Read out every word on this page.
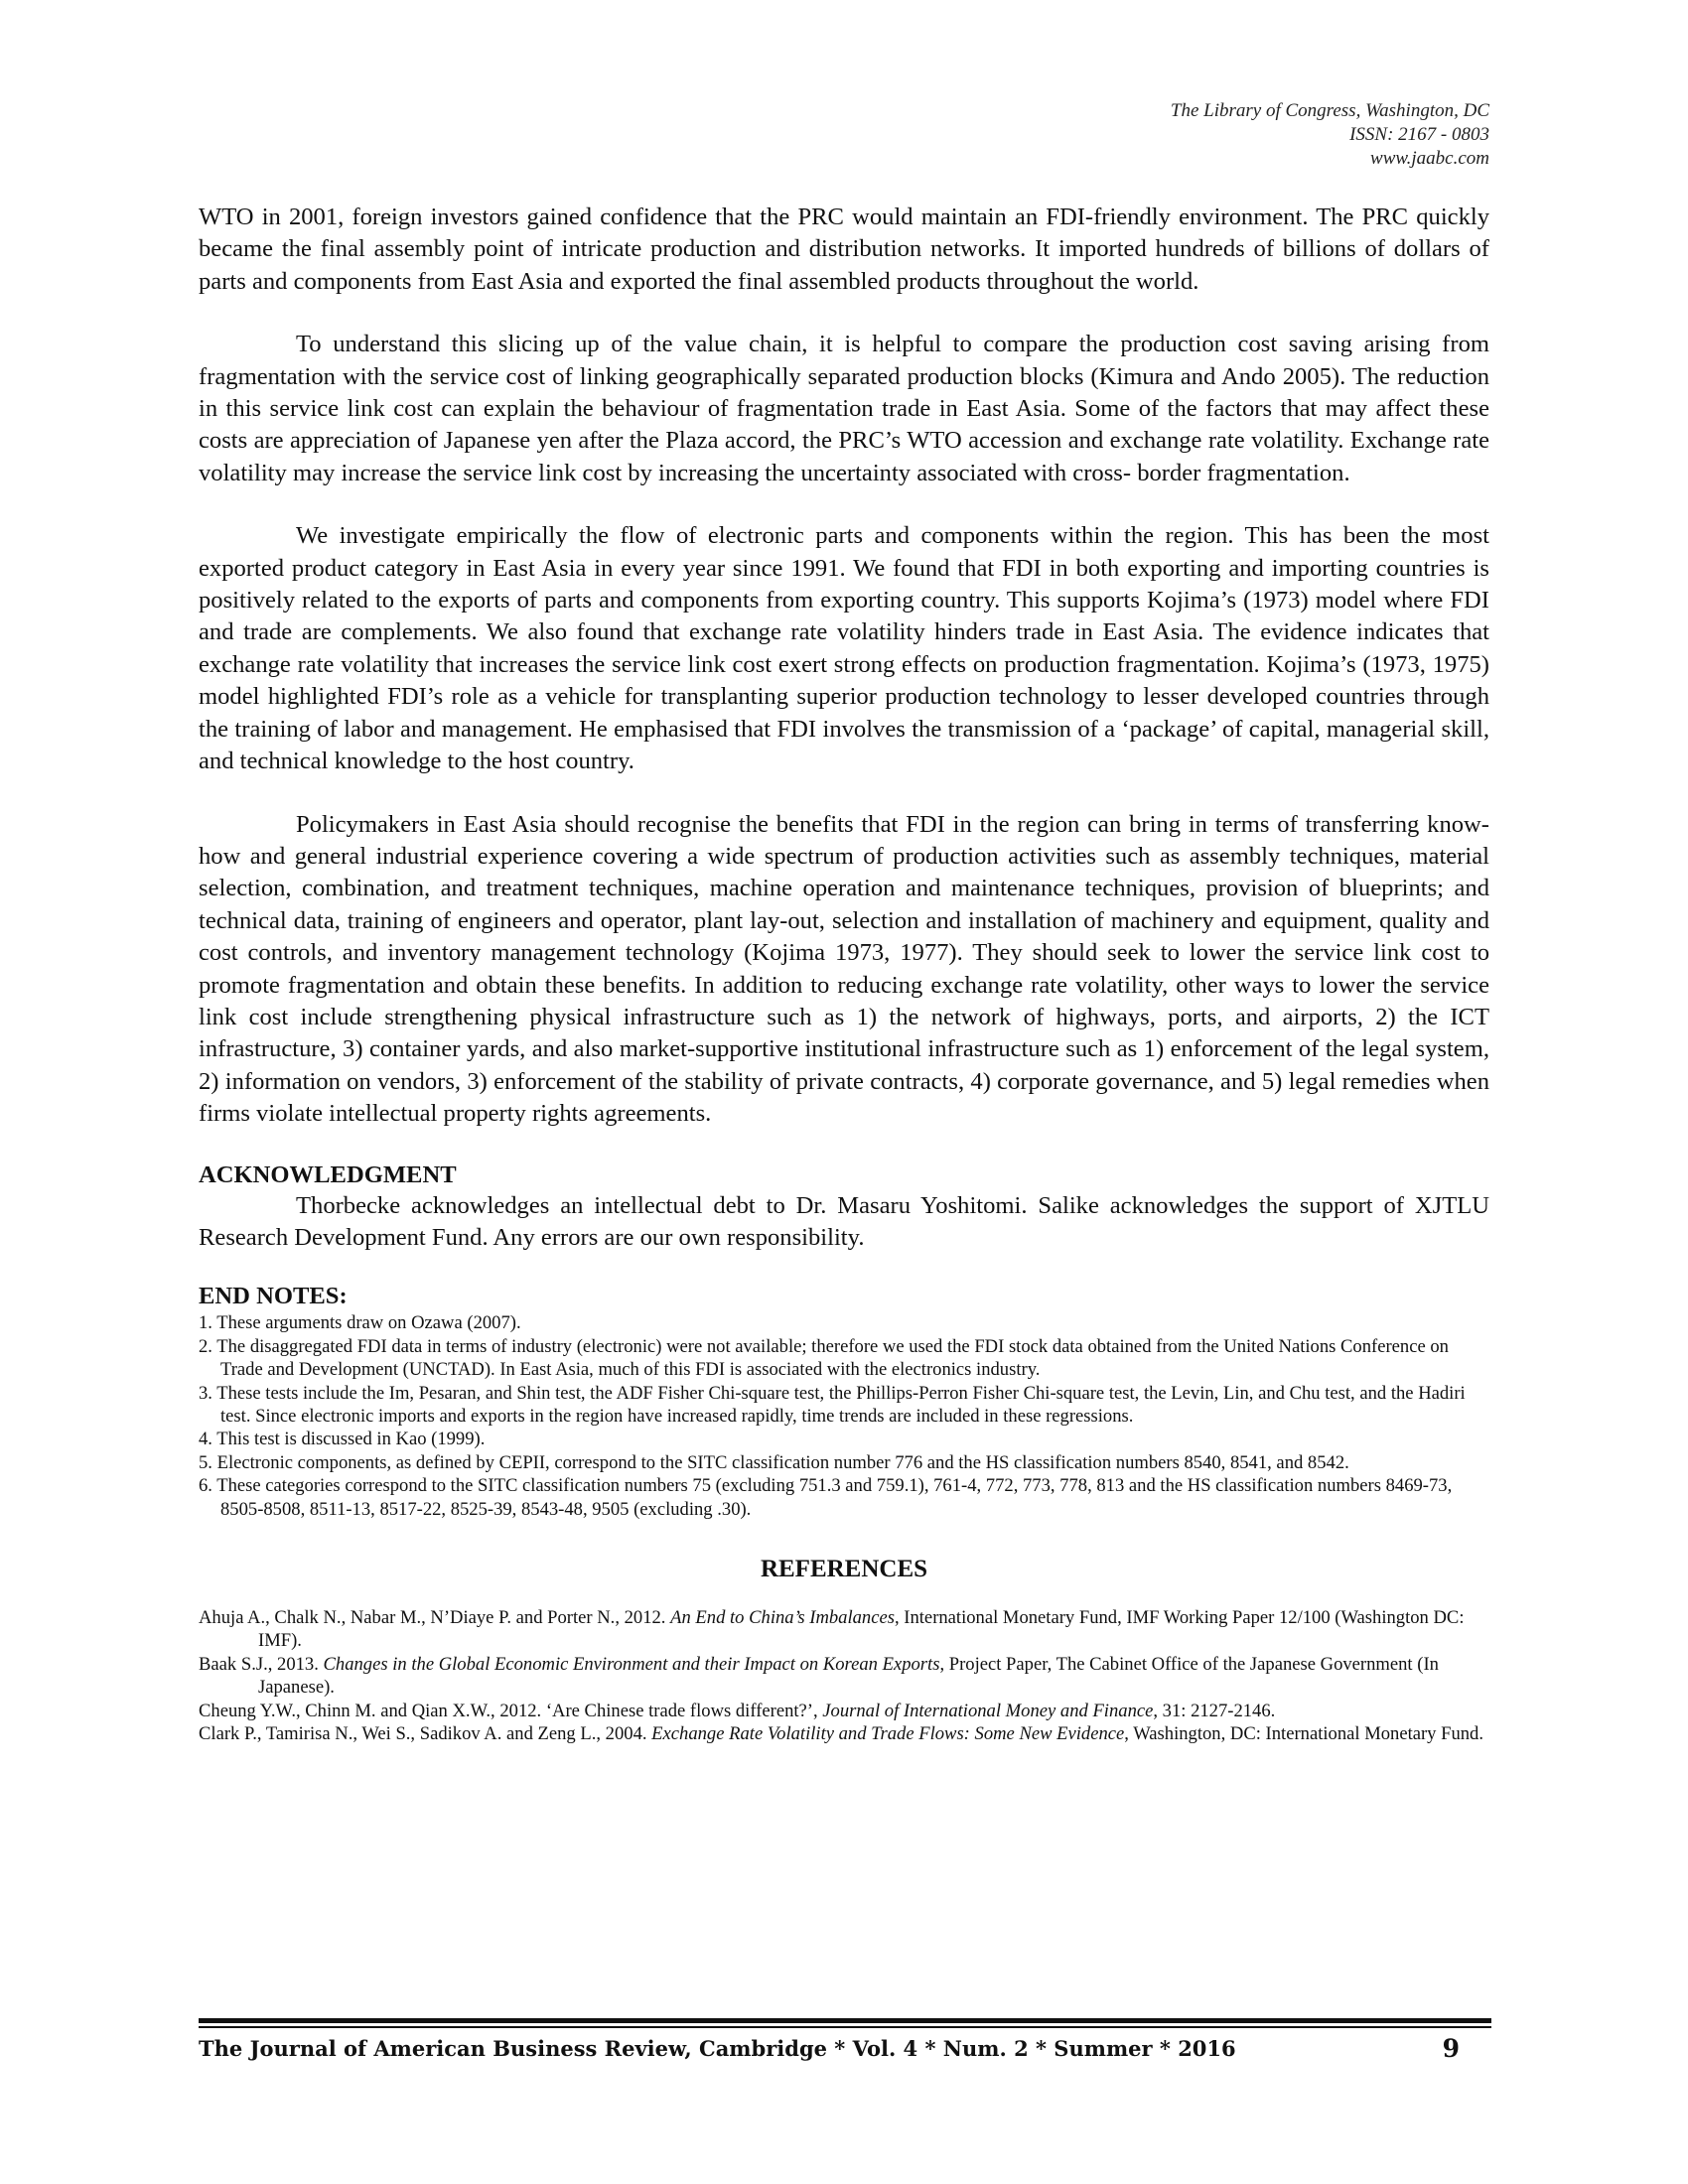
The Library of Congress, Washington, DC
ISSN: 2167 - 0803
www.jaabc.com

WTO in 2001, foreign investors gained confidence that the PRC would maintain an FDI-friendly environment. The PRC quickly became the final assembly point of intricate production and distribution networks. It imported hundreds of billions of dollars of parts and components from East Asia and exported the final assembled products throughout the world.

To understand this slicing up of the value chain, it is helpful to compare the production cost saving arising from fragmentation with the service cost of linking geographically separated production blocks (Kimura and Ando 2005). The reduction in this service link cost can explain the behaviour of fragmentation trade in East Asia. Some of the factors that may affect these costs are appreciation of Japanese yen after the Plaza accord, the PRC’s WTO accession and exchange rate volatility. Exchange rate volatility may increase the service link cost by increasing the uncertainty associated with cross- border fragmentation.

We investigate empirically the flow of electronic parts and components within the region. This has been the most exported product category in East Asia in every year since 1991. We found that FDI in both exporting and importing countries is positively related to the exports of parts and components from exporting country. This supports Kojima’s (1973) model where FDI and trade are complements. We also found that exchange rate volatility hinders trade in East Asia. The evidence indicates that exchange rate volatility that increases the service link cost exert strong effects on production fragmentation. Kojima’s (1973, 1975) model highlighted FDI’s role as a vehicle for transplanting superior production technology to lesser developed countries through the training of labor and management. He emphasised that FDI involves the transmission of a ‘package’ of capital, managerial skill, and technical knowledge to the host country.

Policymakers in East Asia should recognise the benefits that FDI in the region can bring in terms of transferring know-how and general industrial experience covering a wide spectrum of production activities such as assembly techniques, material selection, combination, and treatment techniques, machine operation and maintenance techniques, provision of blueprints; and technical data, training of engineers and operator, plant lay-out, selection and installation of machinery and equipment, quality and cost controls, and inventory management technology (Kojima 1973, 1977). They should seek to lower the service link cost to promote fragmentation and obtain these benefits. In addition to reducing exchange rate volatility, other ways to lower the service link cost include strengthening physical infrastructure such as 1) the network of highways, ports, and airports, 2) the ICT infrastructure, 3) container yards, and also market-supportive institutional infrastructure such as 1) enforcement of the legal system, 2) information on vendors, 3) enforcement of the stability of private contracts, 4) corporate governance, and 5) legal remedies when firms violate intellectual property rights agreements.

ACKNOWLEDGMENT

Thorbecke acknowledges an intellectual debt to Dr. Masaru Yoshitomi. Salike acknowledges the support of XJTLU Research Development Fund. Any errors are our own responsibility.

END NOTES:
1. These arguments draw on Ozawa (2007).
2. The disaggregated FDI data in terms of industry (electronic) were not available; therefore we used the FDI stock data obtained from the United Nations Conference on Trade and Development (UNCTAD). In East Asia, much of this FDI is associated with the electronics industry.
3. These tests include the Im, Pesaran, and Shin test, the ADF Fisher Chi-square test, the Phillips-Perron Fisher Chi-square test, the Levin, Lin, and Chu test, and the Hadiri test. Since electronic imports and exports in the region have increased rapidly, time trends are included in these regressions.
4. This test is discussed in Kao (1999).
5. Electronic components, as defined by CEPII, correspond to the SITC classification number 776 and the HS classification numbers 8540, 8541, and 8542.
6. These categories correspond to the SITC classification numbers 75 (excluding 751.3 and 759.1), 761-4, 772, 773, 778, 813 and the HS classification numbers 8469-73, 8505-8508, 8511-13, 8517-22, 8525-39, 8543-48, 9505 (excluding .30).
REFERENCES
Ahuja A., Chalk N., Nabar M., N’Diaye P. and Porter N., 2012. An End to China’s Imbalances, International Monetary Fund, IMF Working Paper 12/100 (Washington DC: IMF).
Baak S.J., 2013. Changes in the Global Economic Environment and their Impact on Korean Exports, Project Paper, The Cabinet Office of the Japanese Government (In Japanese).
Cheung Y.W., Chinn M. and Qian X.W., 2012. ‘Are Chinese trade flows different?’, Journal of International Money and Finance, 31: 2127-2146.
Clark P., Tamirisa N., Wei S., Sadikov A. and Zeng L., 2004. Exchange Rate Volatility and Trade Flows: Some New Evidence, Washington, DC: International Monetary Fund.
The Journal of American Business Review, Cambridge * Vol. 4 * Num. 2 * Summer * 2016	9
